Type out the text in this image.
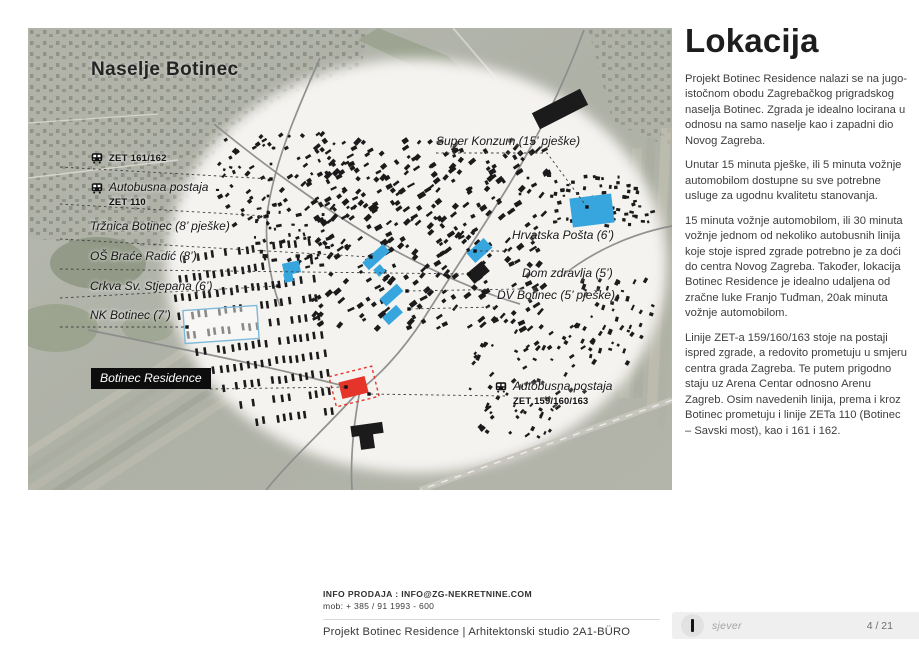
Naselje Botinec
ZET 161/162
Autobusna postaja
ZET 110
Tržnica Botinec (8’ pješke)
OŠ Braće Radić (8’)
Crkva Sv. Stjepana (6’)
NK Botinec (7’)
Botinec Residence
Super Konzum (15’ pješke)
Hrvatska Pošta (6’)
Dom zdravlja (5’)
DV Botinec (5’ pješke)
Autobusna postaja
ZET 159/160/163
Lokacija

Projekt Botinec Residence nalazi se na jugo-istočnom obodu Zagrebačkog prigradskog naselja Botinec. Zgrada je idealno locirana u odnosu na samo naselje kao i zapadni dio Novog Zagreba.

Unutar 15 minuta pješke, ili 5 minuta vožnje automobilom dostupne su sve potrebne usluge za ugodnu kvalitetu stanovanja.

15 minuta vožnje automobilom, ili 30 minuta vožnje jednom od nekoliko autobusnih linija koje stoje ispred zgrade potrebno je za doći do centra Novog Zagreba. Također, lokacija Botinec Residence je idealno udaljena od zračne luke Franjo Tuđman, 20ak minuta vožnje automobilom.

Linije ZET-a 159/160/163 stoje na postaji ispred zgrade, a redovito prometuju u smjeru centra grada Zagreba. Te putem prigodno staju uz Arena Centar odnosno Arenu Zagreb. Osim navedenih linija, prema i kroz Botinec prometuju i linije ZETa 110 (Botinec – Savski most), kao i 161 i 162.

INFO PRODAJA : INFO@ZG-NEKRETNINE.COM
mob: + 385 / 91 1993 - 600
Projekt Botinec Residence | Arhitektonski studio 2A1-BÜRO
sjever	4 / 21
